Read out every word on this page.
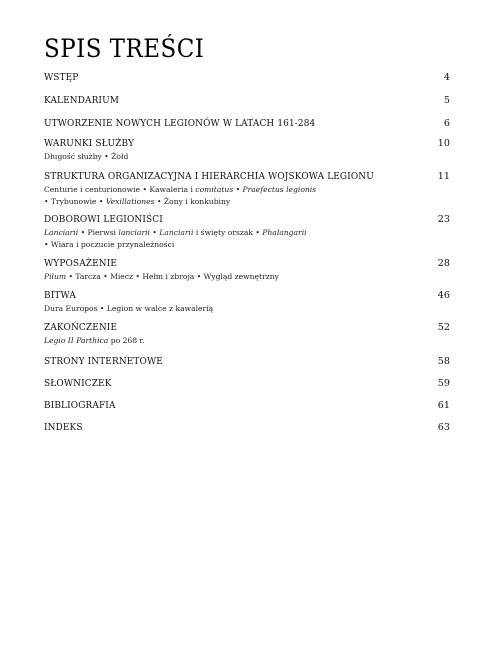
SPIS TREŚCI
WSTĘP	4
KALENDARIUM	5
UTWORZENIE NOWYCH LEGIONÓW W LATACH 161-284	6
WARUNKI SŁUŻBY	10
Długość służby • Żołd
STRUKTURA ORGANIZACYJNA I HIERARCHIA WOJSKOWA LEGIONU	11
Centurie i centurionowie • Kawaleria i comitatus • Praefectus legionis
• Trybunowie • Vexillationes • Żony i konkubiny
DOBOROWI LEGIONIŚCI	23
Lanciarii • Pierwsi lanciarii • Lanciarii i święty orszak • Phalangarii
• Wiara i poczucie przynależności
WYPOSAŻENIE	28
Pilum • Tarcza • Miecz • Hełm i zbroja • Wygląd zewnętrzny
BITWA	46
Dura Europos • Legion w walce z kawalerią
ZAKOŃCZENIE	52
Legio II Parthica po 268 r.
STRONY INTERNETOWE	58
SŁOWNICZEK	59
BIBLIOGRAFIA	61
INDEKS	63
